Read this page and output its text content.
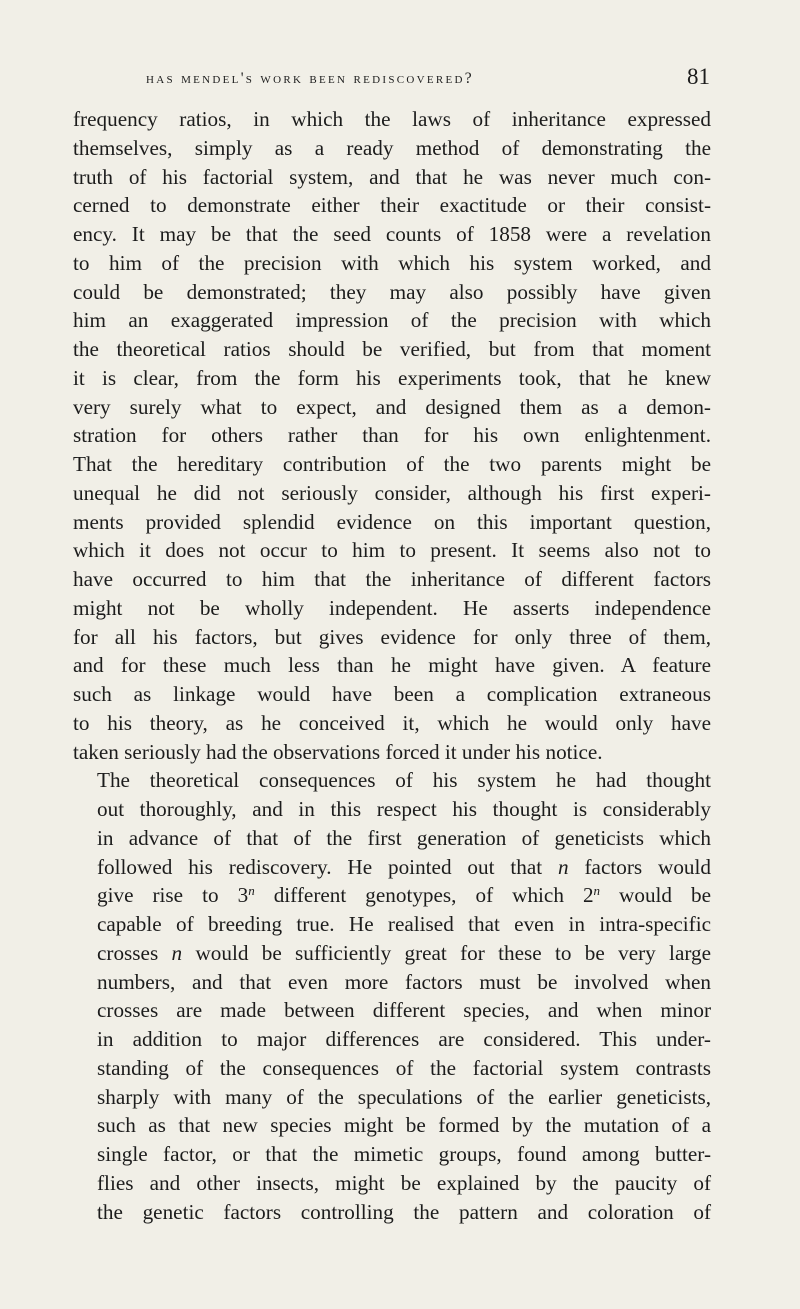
has mendel's work been rediscovered?	81

frequency ratios, in which the laws of inheritance expressed
themselves, simply as a ready method of demonstrating the
truth of his factorial system, and that he was never much con-
cerned to demonstrate either their exactitude or their consist-
ency. It may be that the seed counts of 1858 were a revelation
to him of the precision with which his system worked, and
could be demonstrated; they may also possibly have given
him an exaggerated impression of the precision with which
the theoretical ratios should be verified, but from that moment
it is clear, from the form his experiments took, that he knew
very surely what to expect, and designed them as a demon-
stration for others rather than for his own enlightenment.
That the hereditary contribution of the two parents might be
unequal he did not seriously consider, although his first experi-
ments provided splendid evidence on this important question,
which it does not occur to him to present. It seems also not to
have occurred to him that the inheritance of different factors
might not be wholly independent. He asserts independence
for all his factors, but gives evidence for only three of them,
and for these much less than he might have given. A feature
such as linkage would have been a complication extraneous
to his theory, as he conceived it, which he would only have
taken seriously had the observations forced it under his notice.

The theoretical consequences of his system he had thought
out thoroughly, and in this respect his thought is considerably
in advance of that of the first generation of geneticists which
followed his rediscovery. He pointed out that n factors would
give rise to 3$^n$ different genotypes, of which 2$^n$ would be
capable of breeding true. He realised that even in intra-specific
crosses n would be sufficiently great for these to be very large
numbers, and that even more factors must be involved when
crosses are made between different species, and when minor
in addition to major differences are considered. This under-
standing of the consequences of the factorial system contrasts
sharply with many of the speculations of the earlier geneticists,
such as that new species might be formed by the mutation of a
single factor, or that the mimetic groups, found among butter-
flies and other insects, might be explained by the paucity of
the genetic factors controlling the pattern and coloration of
